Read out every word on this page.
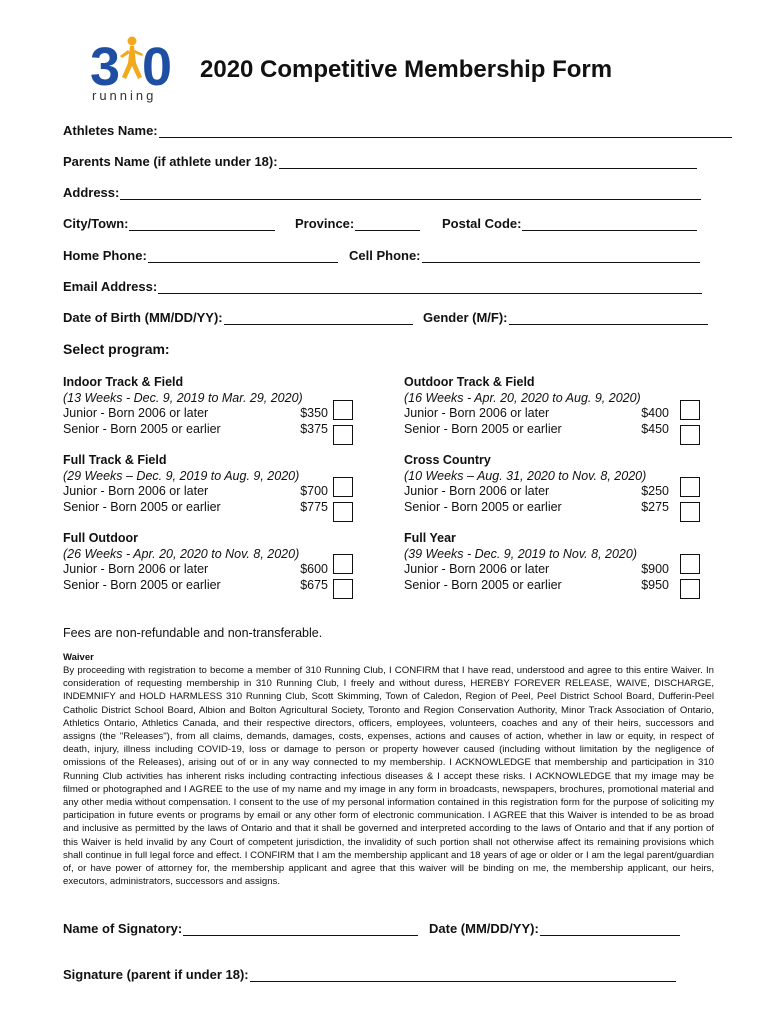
3 0
running
2020 Competitive Membership Form
Athletes Name:
Parents Name (if athlete under 18):
Address:
City/Town:	Province:	Postal Code:
Home Phone:	Cell Phone:
Email Address:
Date of Birth (MM/DD/YY):	Gender (M/F):
Select program:
Indoor Track & Field
(13 Weeks - Dec. 9, 2019 to Mar. 29, 2020)
Junior - Born 2006 or later	$350
Senior - Born 2005 or earlier	$375
Outdoor Track & Field
(16 Weeks - Apr. 20, 2020 to Aug. 9, 2020)
Junior - Born 2006 or later	$400
Senior - Born 2005 or earlier	$450
Full Track & Field
(29 Weeks – Dec. 9, 2019 to Aug. 9, 2020)
Junior - Born 2006 or later	$700
Senior - Born 2005 or earlier	$775
Cross Country
(10 Weeks – Aug. 31, 2020 to Nov. 8, 2020)
Junior - Born 2006 or later	$250
Senior - Born 2005 or earlier	$275
Full Outdoor
(26 Weeks - Apr. 20, 2020 to Nov. 8, 2020)
Junior - Born 2006 or later	$600
Senior - Born 2005 or earlier	$675
Full Year
(39 Weeks - Dec. 9, 2019 to Nov. 8, 2020)
Junior - Born 2006 or later	$900
Senior - Born 2005 or earlier	$950
Fees are non-refundable and non-transferable.
Waiver
By proceeding with registration to become a member of 310 Running Club, I CONFIRM that I have read, understood and agree to this entire Waiver. In consideration of requesting membership in 310 Running Club, I freely and without duress, HEREBY FOREVER RELEASE, WAIVE, DISCHARGE, INDEMNIFY and HOLD HARMLESS 310 Running Club, Scott Skimming, Town of Caledon, Region of Peel, Peel District School Board, Dufferin-Peel Catholic District School Board, Albion and Bolton Agricultural Society, Toronto and Region Conservation Authority, Minor Track Association of Ontario, Athletics Ontario, Athletics Canada, and their respective directors, officers, employees, volunteers, coaches and any of their heirs, successors and assigns (the "Releases"), from all claims, demands, damages, costs, expenses, actions and causes of action, whether in law or equity, in respect of death, injury, illness including COVID-19, loss or damage to person or property however caused (including without limitation by the negligence of omissions of the Releases), arising out of or in any way connected to my membership. I ACKNOWLEDGE that membership and participation in 310 Running Club activities has inherent risks including contracting infectious diseases & I accept these risks. I ACKNOWLEDGE that my image may be filmed or photographed and I AGREE to the use of my name and my image in any form in broadcasts, newspapers, brochures, promotional material and any other media without compensation. I consent to the use of my personal information contained in this registration form for the purpose of soliciting my participation in future events or programs by email or any other form of electronic communication. I AGREE that this Waiver is intended to be as broad and inclusive as permitted by the laws of Ontario and that it shall be governed and interpreted according to the laws of Ontario and that if any portion of this Waiver is held invalid by any Court of competent jurisdiction, the invalidity of such portion shall not otherwise affect its remaining provisions which shall continue in full legal force and effect. I CONFIRM that I am the membership applicant and 18 years of age or older or I am the legal parent/guardian of, or have power of attorney for, the membership applicant and agree that this waiver will be binding on me, the membership applicant, our heirs, executors, administrators, successors and assigns.
Name of Signatory:	Date (MM/DD/YY):
Signature (parent if under 18):
